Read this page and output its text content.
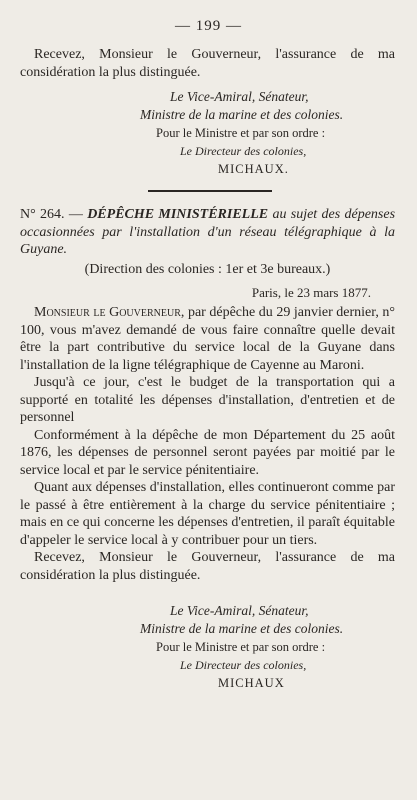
— 199 —

Recevez, Monsieur le Gouverneur, l'assurance de ma considération la plus distinguée.

Le Vice-Amiral, Sénateur,
Ministre de la marine et des colonies.
Pour le Ministre et par son ordre :
Le Directeur des colonies,
MICHAUX.

N° 264. — DÉPÊCHE MINISTÉRIELLE au sujet des dépenses occasionnées par l'installation d'un réseau télégraphique à la Guyane.

(Direction des colonies : 1er et 3e bureaux.)
Paris, le 23 mars 1877.

Monsieur le Gouverneur, par dépêche du 29 janvier dernier, n° 100, vous m'avez demandé de vous faire connaître quelle devait être la part contributive du service local de la Guyane dans l'installation de la ligne télégraphique de Cayenne au Maroni.

Jusqu'à ce jour, c'est le budget de la transportation qui a supporté en totalité les dépenses d'installation, d'entretien et de personnel

Conformément à la dépêche de mon Département du 25 août 1876, les dépenses de personnel seront payées par moitié par le service local et par le service pénitentiaire.

Quant aux dépenses d'installation, elles continueront comme par le passé à être entièrement à la charge du service pénitentiaire ; mais en ce qui concerne les dépenses d'entretien, il paraît équitable d'appeler le service local à y contribuer pour un tiers.

Recevez, Monsieur le Gouverneur, l'assurance de ma considération la plus distinguée.

Le Vice-Amiral, Sénateur,
Ministre de la marine et des colonies.
Pour le Ministre et par son ordre :
Le Directeur des colonies,
MICHAUX
